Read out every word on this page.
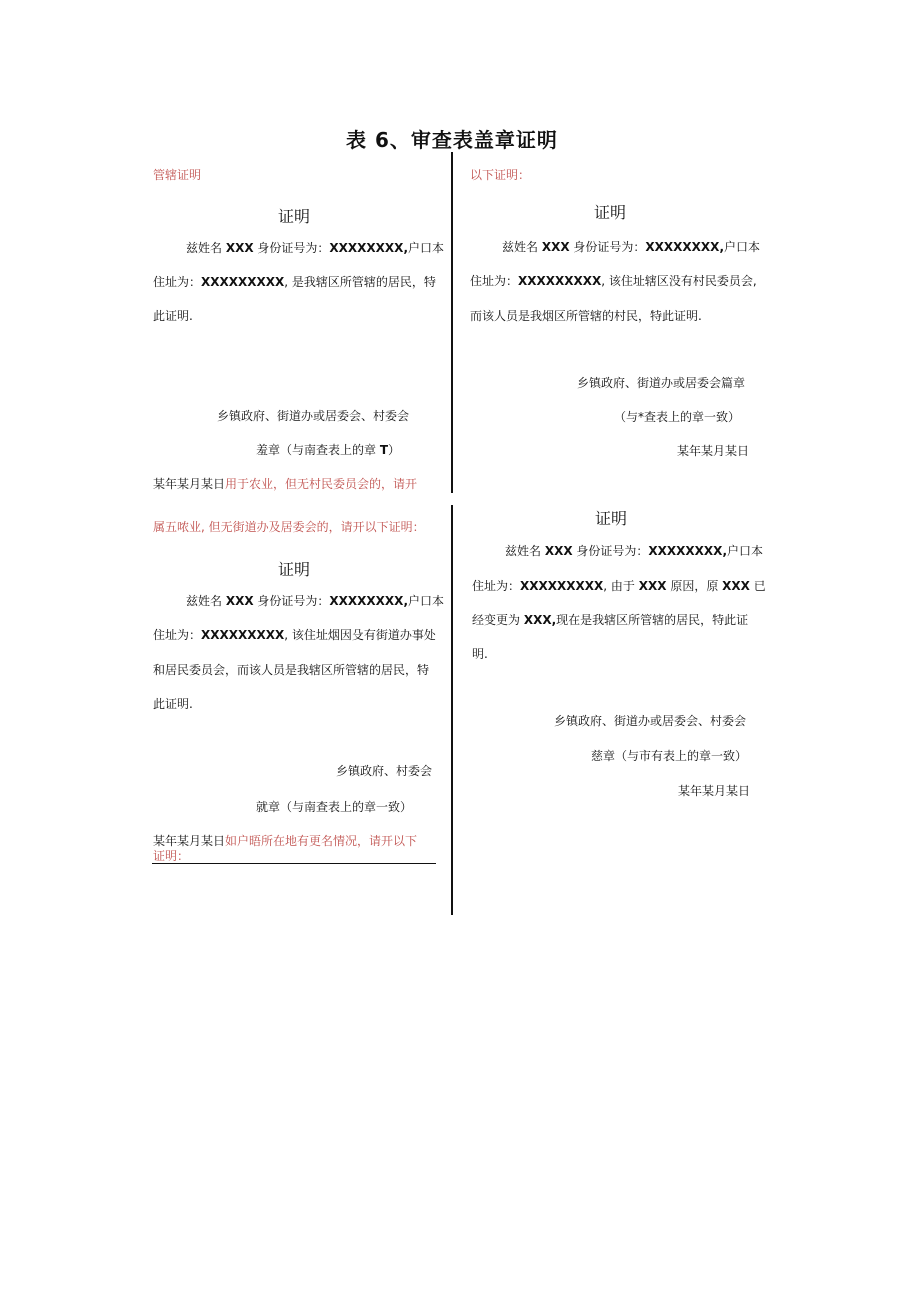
表 6、审查表盖章证明
管辖证明
证明
兹姓名 XXX 身份证号为：XXXXXXXX,户口本
住址为：XXXXXXXXX, 是我辖区所管辖的居民，特
此证明.
乡镇政府、街道办或居委会、村委会
羞章（与南查表上的章 T）
某年某月某日用于农业，但无村民委员会的，请开
以下证明：
证明
兹姓名 XXX 身份证号为：XXXXXXXX,户口本
住址为：XXXXXXXXX, 该住址辖区没有村民委员会,
而该人员是我烟区所管辖的村民，特此证明.
乡镇政府、街道办或居委会篇章
（与*查表上的章一致）
某年某月某日
属五哝业, 但无街道办及居委会的，请开以下证明：
证明
兹姓名 XXX 身份证号为：XXXXXXXX,户口本
住址为：XXXXXXXXX, 该住址烟因殳有街道办事处
和居民委员会，而该人员是我辖区所管辖的居民，特
此证明.
乡镇政府、村委会
就章（与南查表上的章一致）
某年某月某日如户晤所在地有更名情况，请开以下
证明：
证明
兹姓名 XXX 身份证号为：XXXXXXXX,户口本
住址为：XXXXXXXXX, 由于 XXX 原因，原 XXX 已
经变更为 XXX,现在是我辖区所管辖的居民，特此证
明.
乡镇政府、街道办或居委会、村委会
慈章（与市有表上的章一致）
某年某月某日
